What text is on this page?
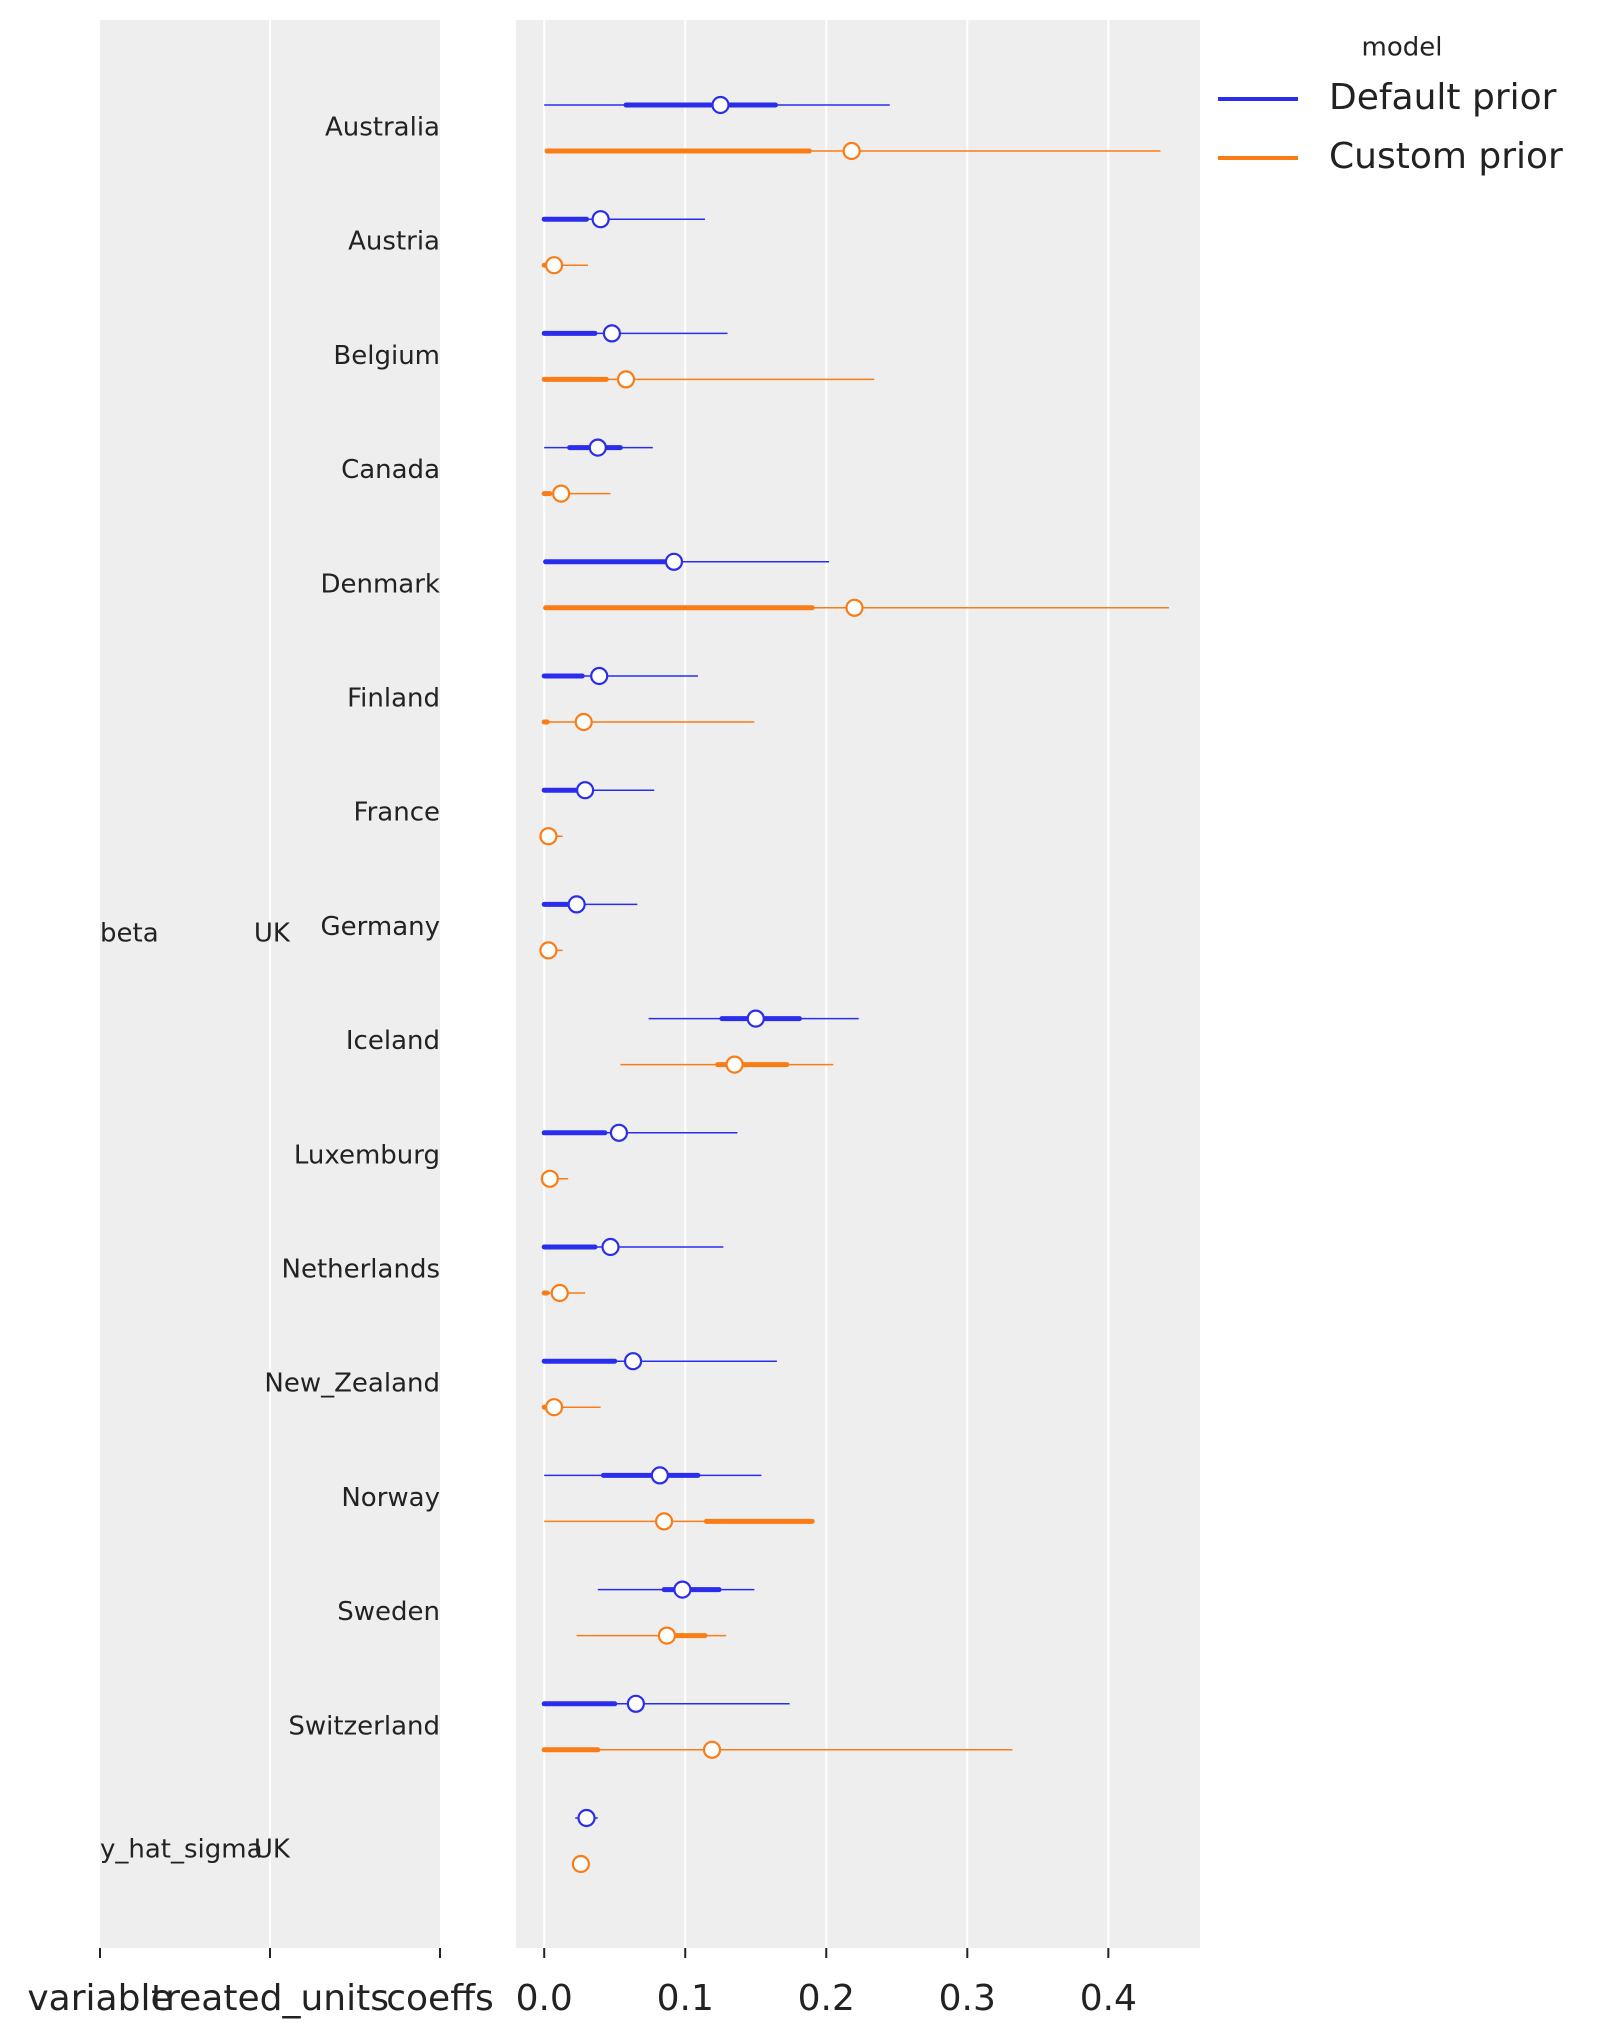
Australia
Austria
Belgium
Canada
Denmark
Finland
France
Germany
Iceland
Luxemburg
Netherlands
New_Zealand
Norway
Sweden
Switzerland
beta	UK
y_hat_sigma
UK
variable
treated_units
coeffs 0.0 0.1 0.2 0.3 0.4
model
Default prior
Custom prior
